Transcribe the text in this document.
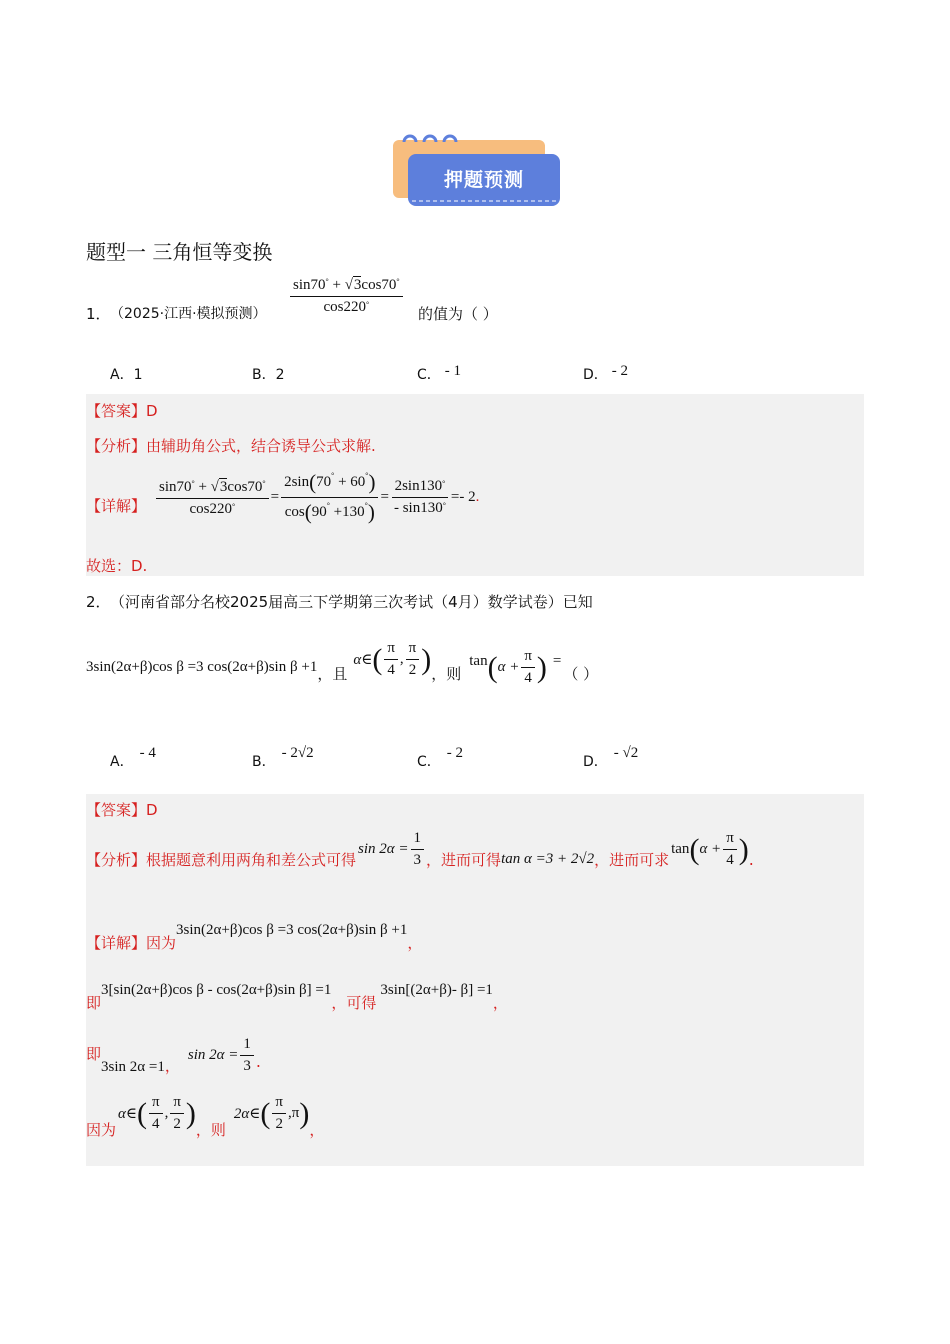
押题预测
题型一 三角恒等变换
1． （2025·江西·模拟预测） $\frac{\sin 70^\circ + √3\cos 70^\circ}{\cos 220^\circ}$ 的值为（ ）
A．1	B．2	C． - 1	D． - 2
【答案】D
【分析】由辅助角公式，结合诱导公式求解.
【详解】 $\frac{\sin 70^\circ + √3\cos 70^\circ}{\cos 220^\circ} = \frac{2\sin(70^\circ + 60^\circ)}{\cos(90^\circ +130^\circ)} = \frac{2\sin 130^\circ}{- \sin 130^\circ} =- 2$ .
故选：D.
2． （河南省部分名校2025届高三下学期第三次考试（4月）数学试卷）已知
3sin(2α+β)cos β =3 cos(2α+β)sin β +1 ，且
α∈ ( $\frac{\pi}{4}$ , $\frac{\pi}{2}$ ) ，则
tan ( $\alpha + \frac{\pi}{4}$ ) =
（ ）
A．- 4
B．- 2√2
C．- 2
D．- √2
【答案】D
【分析】 根据题意利用两角和差公式可得
$\sin 2\alpha = \frac{1}{3}$ ，进而可得 tan α =3 + 2√2 ，进而可求
tan ( $\alpha + \frac{\pi}{4}$ ) .
【详解】因为3sin(2α+β)cos β =3 cos(2α+β)sin β +1，
即3[sin(2α+β)cos β - cos(2α+β)sin β] =1，可得3sin[(2α+β)- β] =1，
即
3sin 2α =1 ，
$\sin 2\alpha = \frac{1}{3}$ .
因为
α∈ ( $\frac{\pi}{4}$ , $\frac{\pi}{2}$ )
，则
2α∈ ( $\frac{\pi}{2}$ , π )
，
